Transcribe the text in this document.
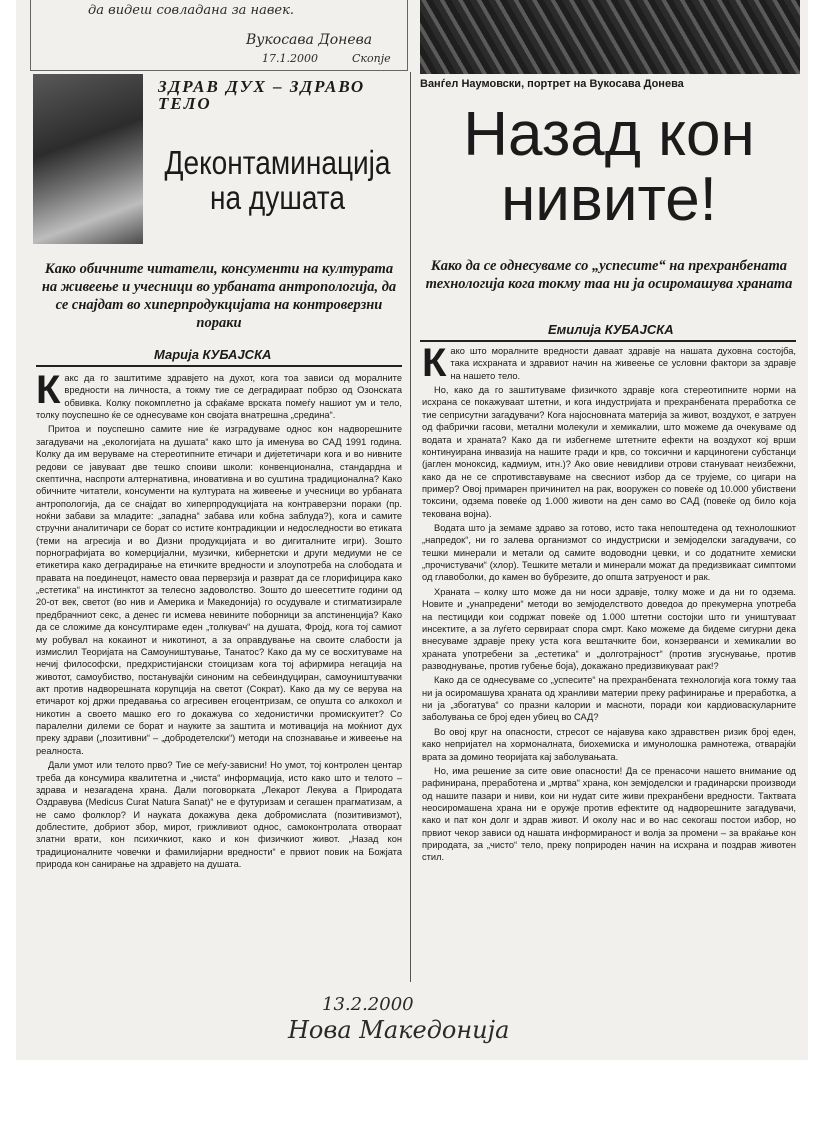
да видеш совладана за навек.
Вукосава Донева
17.1.2000	Скопје
Ванѓел Наумовски, портрет на Вукосава Донева
ЗДРАВ ДУХ – ЗДРАВО ТЕЛО
Деконтаминација на душата
Како обичните читатели, консументи на културата на живеење и учесници во урбаната антропологија, да се снајдат во хиперпродукцијата на контроверзни пораки
Марија КУБАЈСКА

Какс да го заштитиме здравјето на духот, кога тоа зависи од моралните вредности на личноста, а токму тие се деградираат побрзо од Озонската обвивка. Колку покомплетно ја сфаќаме врската помеѓу нашиот ум и тело, толку поуспешно ќе се однесуваме кон својата внатрешна „средина“.

Притоа и поуспешно самите ние ќе изградуваме однос кон надворешните загадувачи на „екологијата на душата“ како што ја именува во САД 1991 година. Колку да им веруваме на стереотипните етичари и дијететичари кога и во нивните редови се јавуваат две тешко споиви школи: конвенционална, стандардна и скептична, наспроти алтернативна, иновативна и во суштина традиционална? Како обичните читатели, консументи на културата на живеење и учесници во урбаната антропологија, да се снајдат во хиперпродукцијата на контраверзни пораки (пр. ноќни забави за младите: „западна“ забава или кобна заблуда?), кога и самите стручни аналитичари се борат со истите контрадикции и недоследности во етиката (теми на агресија и во Дизни продукцијата и во дигиталните игри). Зошто порнографијата во комерцијални, музички, кибернетски и други медиуми не се етикетира како деградирање на етичките вредности и злоупотреба на слободата и правата на поединецот, наместо оваа перверзија и разврат да се глорифицира како „естетика“ на инстинктот за телесно задоволство. Зошто до шеесеттите години од 20-от век, светот (во нив и Америка и Македонија) го осудувале и стигматизирале предбрачниот секс, а денес ги исмева невините поборници за апстиненција? Како да се сложиме да консултираме еден „толкувач“ на душата, Фројд, кога тој самиот му робувал на кокаинот и никотинот, а за оправдување на своите слабости ја измислил Теоријата на Самоуништување, Танатос? Како да му се восхитуваме на нечиј философски, предхристијански стоицизам кога тој афирмира негација на животот, самоубиство, постанувајќи синоним на себеиндуциран, самоуништувачки акт против надворешната корупција на светот (Сократ). Како да му се верува на етичарот кој држи предавања со агресивен егоцентризам, се опушта со алкохол и никотин а своето машко его го докажува со хедонистички промискуитет? Со паралелни дилеми се борат и науките за заштита и мотивација на моќниот дух преку здрави („позитивни“ – „добродетелски“) методи на спознавање и живеење на реалноста.

Дали умот или телото прво? Тие се меѓу-зависни! Но умот, тој контролен центар треба да консумира квалитетна и „чиста“ информација, исто како што и телото – здрава и незагадена храна. Дали поговорката „Лекарот Лекува а Природата Оздравува (Medicus Curat Natura Sanat)“ не е футуризам и сегашен прагматизам, а не само фолклор? И науката докажува дека добромислата (позитивизмот), доблестите, добриот збор, мирот, грижливиот однос, самоконтролата отвораат златни врати, кон психичкиот, како и кон физичкиот живот. „Назад кон традиционалните човечки и фамилијарни вредности“ е првиот повик на Божјата природа кон санирање на здравјето на душата.

Назад кон нивите!
Како да се однесуваме со „успесите“ на прехранбената технологија кога токму таа ни ја осиромашува храната
Емилија КУБАЈСКА

Како што моралните вредности даваат здравје на нашата духовна состојба, така исхраната и здравиот начин на живеење се условни фактори за здравје на нашето тело.

Но, како да го заштитуваме физичкото здравје кога стереотипните норми на исхрана се покажуваат штетни, и кога индустријата и прехранбената преработка се тие сеприсутни загадувачи? Кога најосновната материја за живот, воздухот, е затруен од фабрички гасови, метални молекули и хемикалии, што можеме да очекуваме од водата и храната? Како да ги избегнеме штетните ефекти на воздухот кој врши континуирана инвазија на нашите гради и крв, со токсични и карциногени субстанци (јаглен моноксид, кадмиум, итн.)? Ако овие невидливи отрови стануваат неизбежни, како да не се спротивставуваме на свесниот избор да се трујеме, со цигари на пример? Овој примарен причинител на рак, вооружен со повеќе од 10.000 убиствени токсини, одзема повеќе од 1.000 животи на ден само во САД (повеќе од било која текована војна).

Водата што ја земаме здраво за готово, исто така непоштедена од технолошкиот „напредок“, ни го залева организмот со индустриски и земјоделски загадувачи, со тешки минерали и метали од самите водоводни цевки, и со додатните хемиски „прочистувачи“ (хлор). Тешките метали и минерали можат да предизвикаат симптоми од главоболки, до камен во бубрезите, до општа затруеност и рак.

Храната – колку што може да ни носи здравје, толку може и да ни го одзема. Новите и „унапредени“ методи во земјоделството доведоа до прекумерна употреба на пестициди кои содржат повеќе од 1.000 штетни состојки што ги уништуваат инсектите, а за луѓето сервираат спора смрт. Како можеме да бидеме сигурни дека внесуваме здравје преку уста кога вештачките бои, конзерванси и хемикалии во храната употребени за „естетика“ и „долготрајност“ (против згуснување, против разводнување, против губење боја), докажано предизвикуваат рак!?

Како да се однесуваме со „успесите“ на прехранбената технологија кога токму таа ни ја осиромашува храната од хранливи материи преку рафинирање и преработка, а ни ја „збогатува“ со празни калории и масноти, поради кои кардиоваскуларните заболувања се број еден убиец во САД?

Во овој круг на опасности, стресот се најавува како здравствен ризик број еден, како непријател на хормоналната, биохемиска и имунолошка рамнотежа, отварајќи врата за домино теоријата кај заболувањата.

Но, има решение за сите овие опасности! Да се пренасочи нашето внимание од рафинирана, преработена и „мртва“ храна, кон земјоделски и градинарски производи од нашите пазари и ниви, кои ни нудат сите живи прехранбени вредности. Тактвата неосиромашена храна ни е оружје против ефектите од надворешните загадувачи, како и пат кон долг и здрав живот. И околу нас и во нас секогаш постои избор, но првиот чекор зависи од нашата информираност и волја за промени – за враќање кон природата, за „чисто“ тело, преку поприроден начин на исхрана и поздрав животен стил.

13.2.2000
Нова Македонија
